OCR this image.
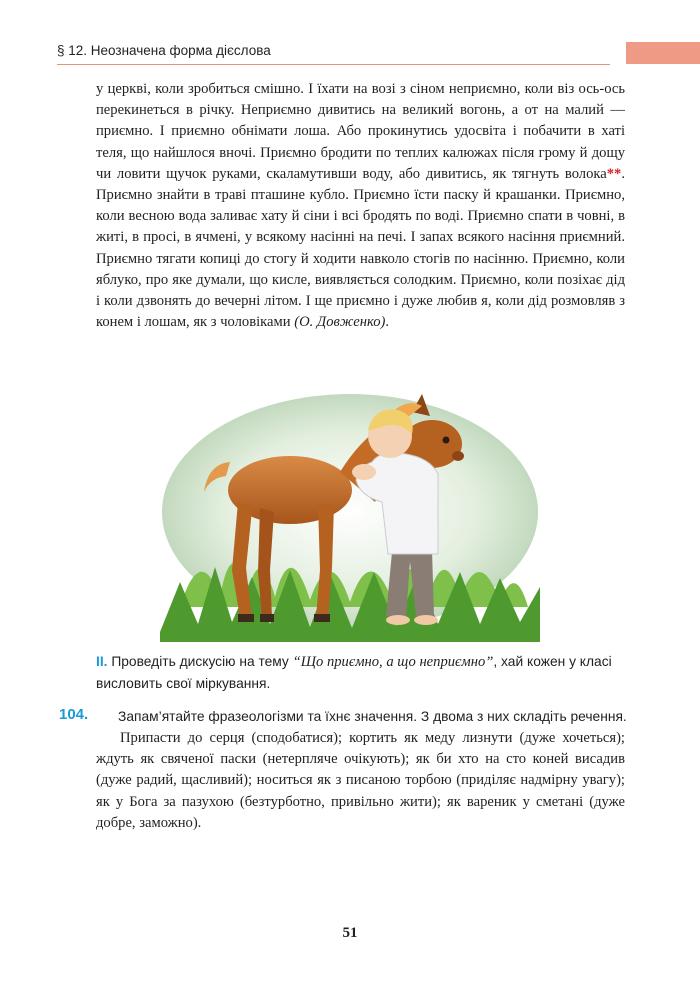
§ 12. Неозначена форма дієслова

у церкві, коли зробиться смішно. І їхати на возі з сіном неприємно, коли віз ось-ось перекинеться в річку. Неприємно дивитись на великий вогонь, а от на малий — приємно. І приємно обнімати лоша. Або прокинутись удосвіта і побачити в хаті теля, що найшлося вночі. Приємно бродити по теплих калюжах після грому й дощу чи ловити щучок руками, скаламутивши воду, або дивитись, як тягнуть волока**. Приємно знайти в траві пташине кубло. Приємно їсти паску й крашанки. Приємно, коли весною вода заливає хату й сіни і всі бродять по воді. Приємно спати в човні, в житі, в просі, в ячмені, у всякому насінні на печі. І запах всякого насіння приємний. Приємно тягати копиці до стогу й ходити навколо стогів по насінню. Приємно, коли яблуко, про яке думали, що кисле, виявляється солодким. Приємно, коли позіхає дід і коли дзвонять до вечерні літом. І ще приємно і дуже любив я, коли дід розмовляв з конем і лошам, як з чоловіками (О. Довженко).

ІІ. Проведіть дискусію на тему “Що приємно, а що неприємно”, хай кожен у класі висловить свої міркування.

104. Запам’ятайте фразеологізми та їхнє значення. З двома з них складіть речення.

Припасти до серця (сподобатися); кортить як меду лизнути (дуже хочеться); ждуть як свяченої паски (нетерпляче очікують); як би хто на сто коней висадив (дуже радий, щасливий); носиться як з писаною торбою (приділяє надмірну увагу); як у Бога за пазухою (безтурботно, привільно жити); як вареник у сметані (дуже добре, заможно).

51
